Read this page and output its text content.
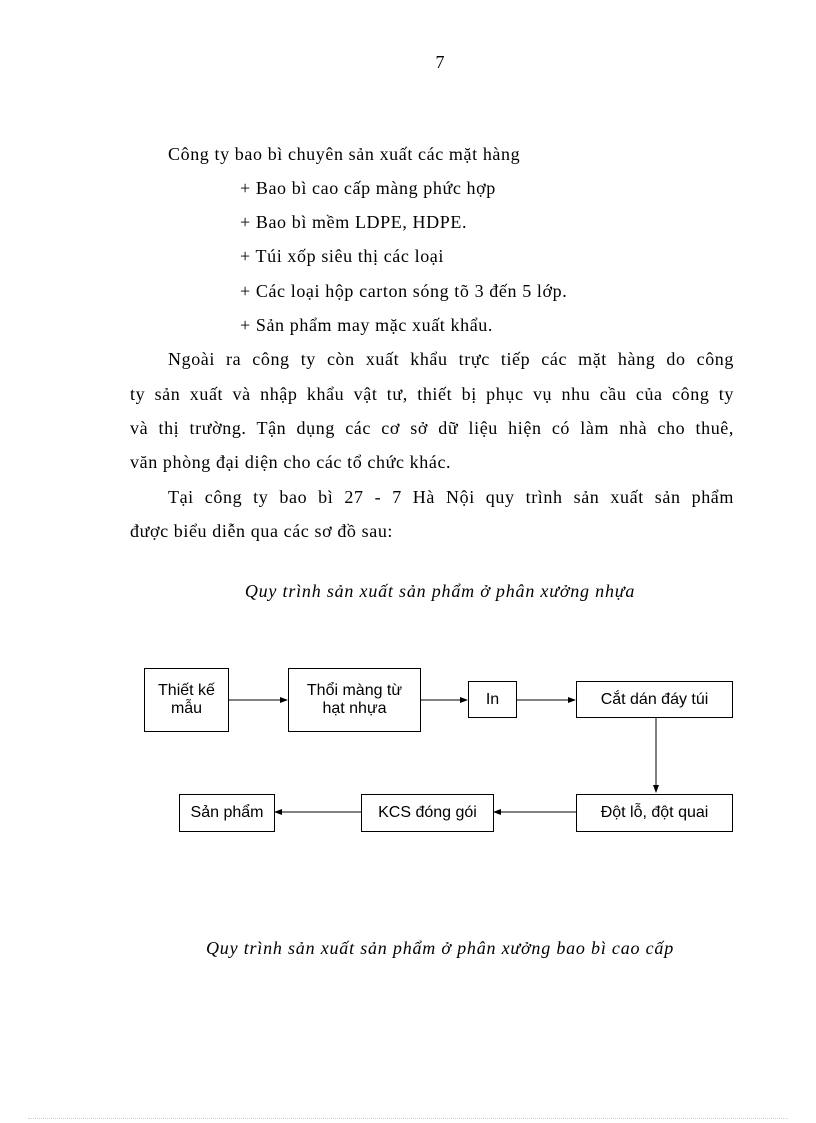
7
Công ty bao bì chuyên sản xuất các mặt hàng
+ Bao bì cao cấp màng phức hợp
+ Bao bì mềm LDPE, HDPE.
+ Túi xốp siêu thị các loại
+ Các loại hộp carton sóng tõ 3 đến 5 lớp.
+ Sản phẩm may mặc xuất khẩu.
Ngoài ra công ty còn xuất khẩu trực tiếp các mặt hàng do công
ty sản xuất và nhập khẩu vật tư, thiết bị phục vụ nhu cầu của công ty
và thị trường. Tận dụng các cơ sở dữ liệu hiện có làm nhà cho thuê,
văn phòng đại diện cho các tổ chức khác.
Tại công ty bao bì 27 - 7 Hà Nội quy trình sản xuất sản phẩm
được biểu diễn qua các sơ đồ sau:
Quy trình sản xuất sản phẩm ở phân xưởng nhựa
Thiết kế mẫu
Thổi màng từ hạt nhựa
In	Cắt dán đáy túi
Đột lỗ, đột quai
KCS đóng gói
Sản phẩm
Quy trình sản xuất sản phẩm ở phân xưởng bao bì cao cấp
